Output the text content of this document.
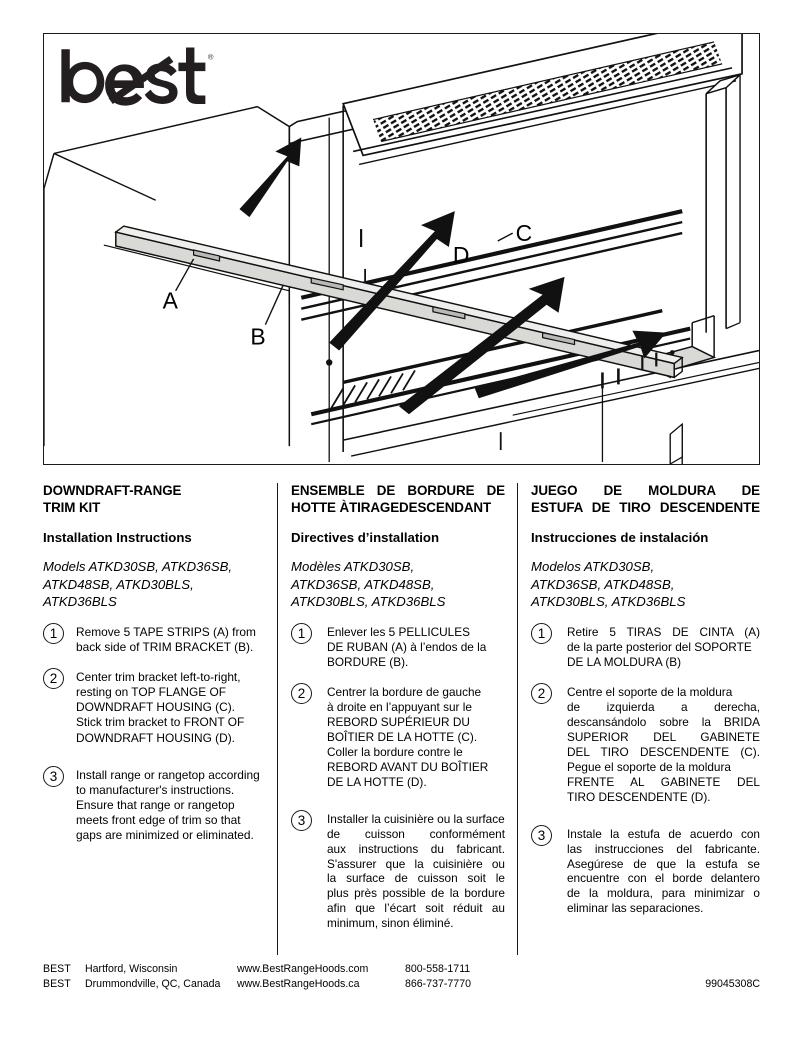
A
B
C
D
®
DOWNDRAFT-RANGE
TRIM KIT
Installation Instructions

Models ATKD30SB, ATKD36SB,
ATKD48SB, ATKD30BLS,
ATKD36BLS

1	Remove 5 TAPE STRIPS (A) from
back side of TRIM BRACKET (B).
2	Center trim bracket left-to-right,
resting on TOP FLANGE OF
DOWNDRAFT HOUSING (C).
Stick trim bracket to FRONT OF
DOWNDRAFT HOUSING (D).
3	Install range or rangetop according
to manufacturer's instructions.
Ensure that range or rangetop
meets front edge of trim so that
gaps are minimized or eliminated.
ENSEMBLE DE BORDURE DE
HOTTE ÀTIRAGEDESCENDANT
Directives d’installation

Modèles ATKD30SB,
ATKD36SB, ATKD48SB,
ATKD30BLS, ATKD36BLS

1	Enlever les 5 PELLICULES
DE RUBAN (A) à l’endos de la
BORDURE (B).
2	Centrer la bordure de gauche
à droite en l’appuyant sur le
REBORD SUPÉRIEUR DU
BOÎTIER DE LA HOTTE (C).
Coller la bordure contre le
REBORD AVANT DU BOÎTIER
DE LA HOTTE (D).
3	Installer la cuisinière ou la surface
de cuisson conformément
aux instructions du fabricant.
S'assurer que la cuisinière ou
la surface de cuisson soit le
plus près possible de la bordure
afin que l’écart soit réduit au
minimum, sinon éliminé.
JUEGO DE MOLDURA DE
ESTUFA DE TIRO DESCENDENTE
Instrucciones de instalación

Modelos ATKD30SB,
ATKD36SB, ATKD48SB,
ATKD30BLS, ATKD36BLS

1	Retire 5 TIRAS DE CINTA (A)
de la parte posterior del SOPORTE
DE LA MOLDURA (B)
2	Centre el soporte de la moldura
de izquierda a derecha,
descansándolo sobre la BRIDA
SUPERIOR DEL GABINETE
DEL TIRO DESCENDENTE (C).
Pegue el soporte de la moldura
FRENTE AL GABINETE DEL
TIRO DESCENDENTE (D).
3	Instale la estufa de acuerdo con
las instrucciones del fabricante.
Asegúrese de que la estufa se
encuentre con el borde delantero
de la moldura, para minimizar o
eliminar las separaciones.
BEST	Hartford, Wisconsin	www.BestRangeHoods.com	800-558-1711
BEST	Drummondville, QC, Canada	www.BestRangeHoods.ca	866-737-7770	99045308C
